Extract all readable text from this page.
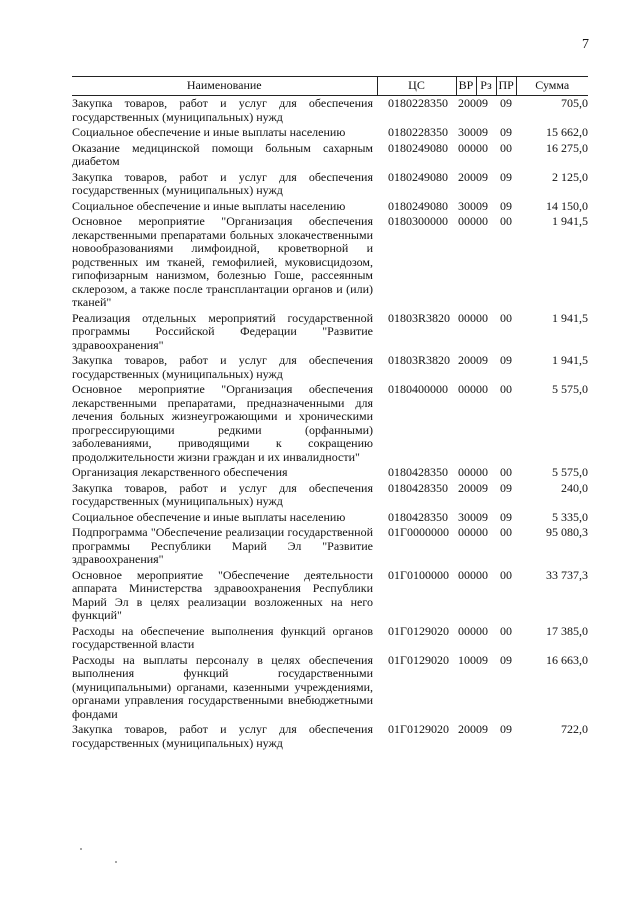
7
Наименование	ЦС	ВР	Рз	ПР	Сумма
Закупка товаров, работ и услуг для обеспечения государственных (муниципальных) нужд	0180228350	200	09	09	705,0
Социальное обеспечение и иные выплаты населению	0180228350	300	09	09	15 662,0
Оказание медицинской помощи больным сахарным диабетом	0180249080	000	00	00	16 275,0
Закупка товаров, работ и услуг для обеспечения государственных (муниципальных) нужд	0180249080	200	09	09	2 125,0
Социальное обеспечение и иные выплаты населению	0180249080	300	09	09	14 150,0
Основное мероприятие "Организация обеспечения лекарственными препаратами больных злокачественными новообразованиями лимфоидной, кроветворной и родственных им тканей, гемофилией, муковисцидозом, гипофизарным нанизмом, болезнью Гоше, рассеянным склерозом, а также после трансплантации органов и (или) тканей"	0180300000	000	00	00	1 941,5
Реализация отдельных мероприятий государственной программы Российской Федерации "Развитие здравоохранения"	01803R3820	000	00	00	1 941,5
Закупка товаров, работ и услуг для обеспечения государственных (муниципальных) нужд	01803R3820	200	09	09	1 941,5
Основное мероприятие "Организация обеспечения лекарственными препаратами, предназначенными для лечения больных жизнеугрожающими и хроническими прогрессирующими редкими (орфанными) заболеваниями, приводящими к сокращению продолжительности жизни граждан и их инвалидности"	0180400000	000	00	00	5 575,0
Организация лекарственного обеспечения	0180428350	000	00	00	5 575,0
Закупка товаров, работ и услуг для обеспечения государственных (муниципальных) нужд	0180428350	200	09	09	240,0
Социальное обеспечение и иные выплаты населению	0180428350	300	09	09	5 335,0
Подпрограмма "Обеспечение реализации государственной программы Республики Марий Эл "Развитие здравоохранения"	01Г0000000	000	00	00	95 080,3
Основное мероприятие "Обеспечение деятельности аппарата Министерства здравоохранения Республики Марий Эл в целях реализации возложенных на него функций"	01Г0100000	000	00	00	33 737,3
Расходы на обеспечение выполнения функций органов государственной власти	01Г0129020	000	00	00	17 385,0
Расходы на выплаты персоналу в целях обеспечения выполнения функций государственными (муниципальными) органами, казенными учреждениями, органами управления государственными внебюджетными фондами	01Г0129020	100	09	09	16 663,0
Закупка товаров, работ и услуг для обеспечения государственных (муниципальных) нужд	01Г0129020	200	09	09	722,0
